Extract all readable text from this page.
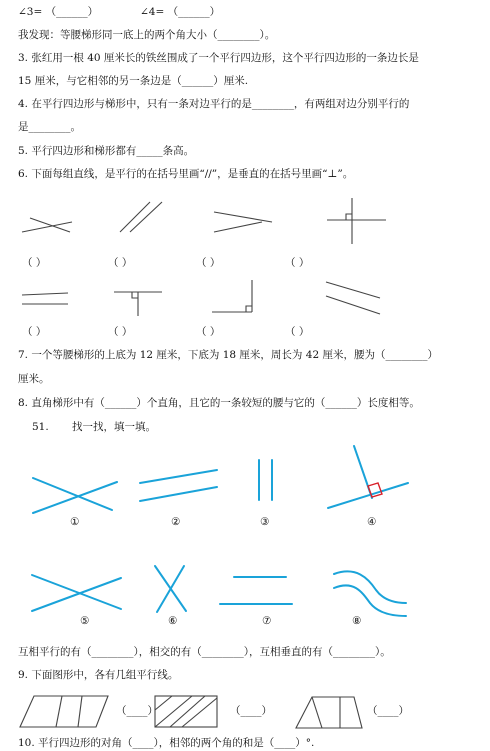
∠3= （______）	∠4= （______）
我发现：等腰梯形同一底上的两个角大小（________）。
3. 张红用一根 40 厘米长的铁丝围成了一个平行四边形，这个平行四边形的一条边长是
15 厘米，与它相邻的另一条边是（______）厘米.
4. 在平行四边形与梯形中，只有一条对边平行的是________，有两组对边分别平行的
是________。
5. 平行四边形和梯形都有_____条高。
6. 下面每组直线，是平行的在括号里画“//”，是垂直的在括号里画“⊥”。
（ ）	（ ）	（ ）	（ ）
（ ）	（ ）	（ ）	（ ）
7. 一个等腰梯形的上底为 12 厘米，下底为 18 厘米，周长为 42 厘米，腰为（________）
厘米。
8. 直角梯形中有（______）个直角，且它的一条较短的腰与它的（______）长度相等。
51. 找一找，填一填。
①	②	③	④
⑤	⑥	⑦	⑧
互相平行的有（________），相交的有（________），互相垂直的有（________）。
9. 下面图形中，各有几组平行线。
（____）	（____）	（____）
10. 平行四边形的对角（____），相邻的两个角的和是（____）°.
